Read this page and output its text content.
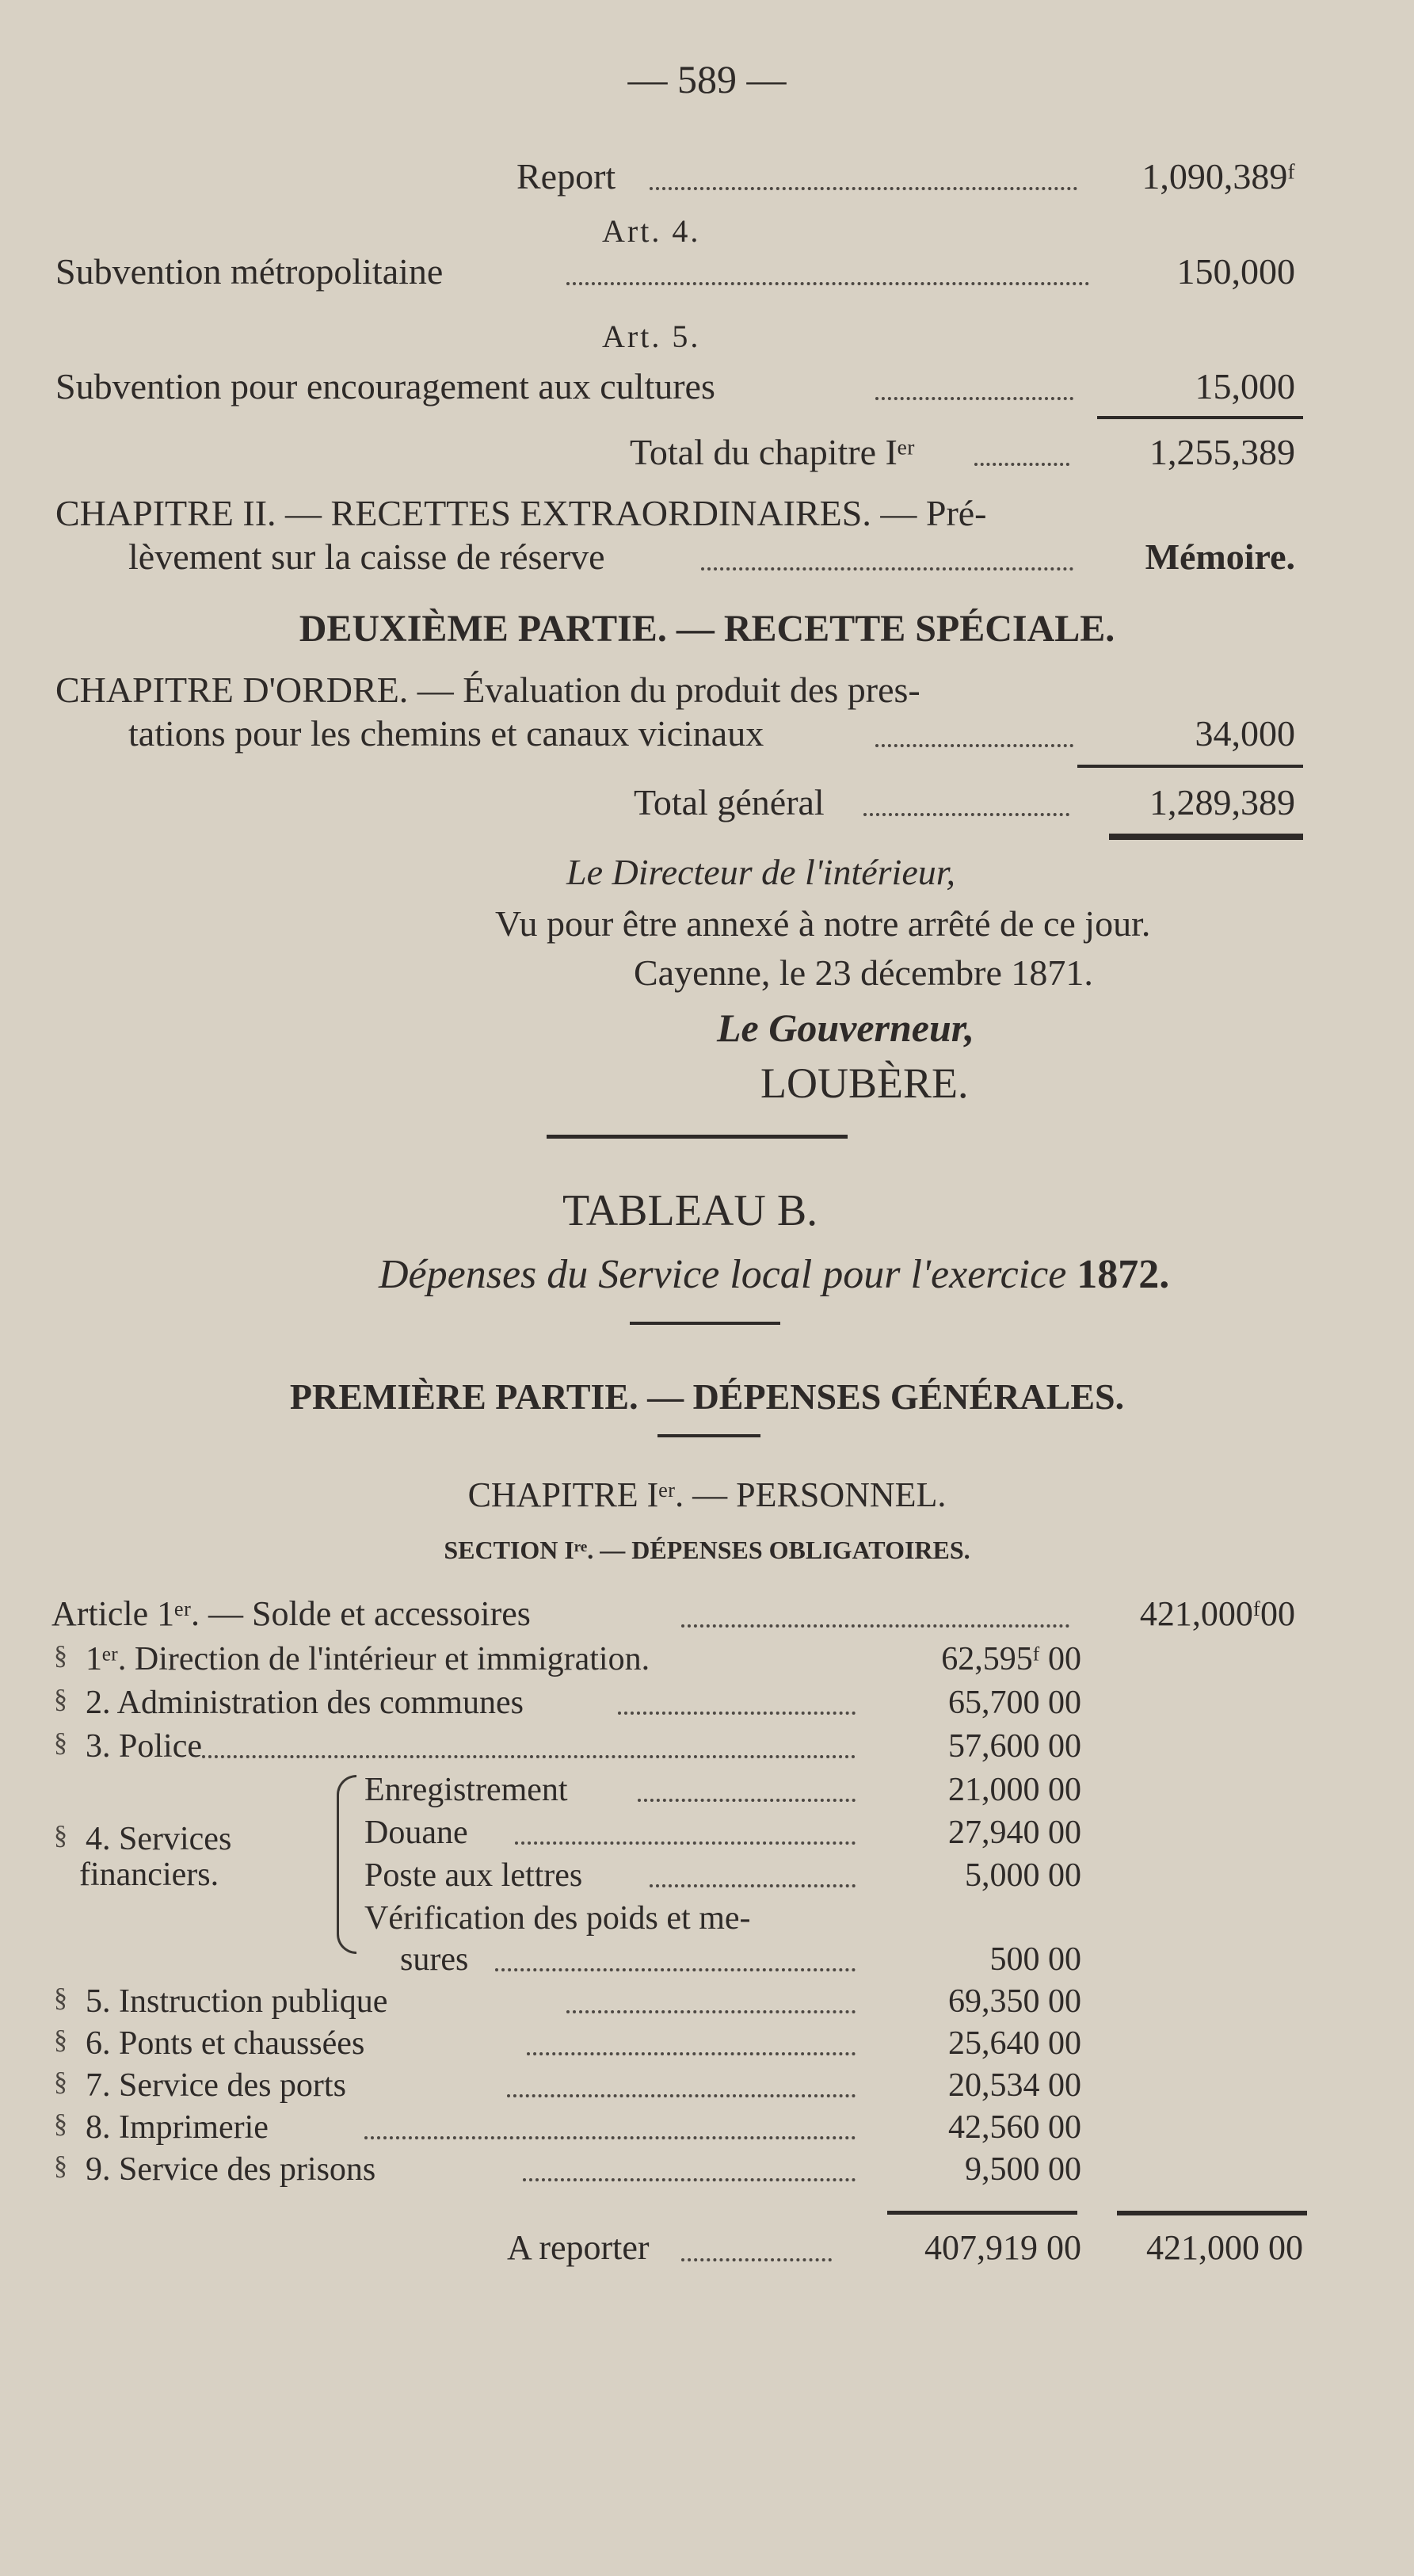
— 589 —
Report	1,090,389ᶠ
Art. 4.
Subvention métropolitaine	150,000
Art. 5.
Subvention pour encouragement aux cultures	15,000
Total du chapitre Iᵉʳ	1,255,389
CHAPITRE II. — RECETTES EXTRAORDINAIRES. — Pré-
lèvement sur la caisse de réserve	Mémoire.
DEUXIÈME PARTIE. — RECETTE SPÉCIALE.
CHAPITRE D'ORDRE. — Évaluation du produit des pres-
tations pour les chemins et canaux vicinaux	34,000
Total général	1,289,389
Le Directeur de l'intérieur,
Vu pour être annexé à notre arrêté de ce jour.
Cayenne, le 23 décembre 1871.
Le Gouverneur,
LOUBÈRE.
TABLEAU B.
Dépenses du Service local pour l'exercice 1872.
PREMIÈRE PARTIE. — DÉPENSES GÉNÉRALES.
CHAPITRE Iᵉʳ. — PERSONNEL.
SECTION Iʳᵉ. — DÉPENSES OBLIGATOIRES.
Article 1ᵉʳ. — Solde et accessoires	421,000ᶠ00
§ 1ᵉʳ. Direction de l'intérieur et immigration.	62,595ᶠ 00
§ 2. Administration des communes	65,700 00
§ 3. Police	57,600 00
§ 4. Services
financiers.
Enregistrement	21,000 00
Douane	27,940 00
Poste aux lettres	5,000 00
Vérification des poids et me-
sures	500 00
§ 5. Instruction publique	69,350 00
§ 6. Ponts et chaussées	25,640 00
§ 7. Service des ports	20,534 00
§ 8. Imprimerie	42,560 00
§ 9. Service des prisons	9,500 00
A reporter	407,919 00 421,000 00
